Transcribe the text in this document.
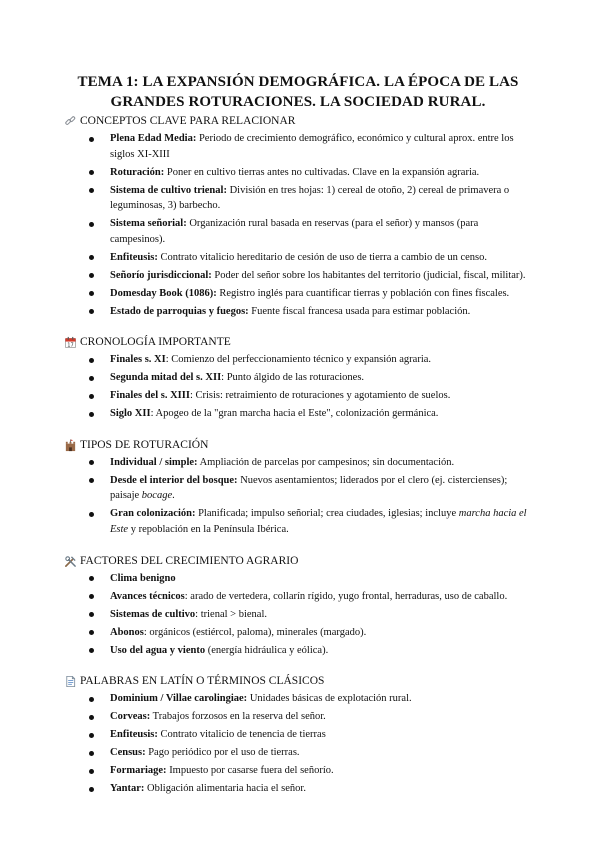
TEMA 1: LA EXPANSIÓN DEMOGRÁFICA. LA ÉPOCA DE LAS
GRANDES ROTURACIONES. LA SOCIEDAD RURAL.
CONCEPTOS CLAVE PARA RELACIONAR
Plena Edad Media: Periodo de crecimiento demográfico, económico y cultural aprox. entre los siglos XI-XIII
Roturación: Poner en cultivo tierras antes no cultivadas. Clave en la expansión agraria.
Sistema de cultivo trienal: División en tres hojas: 1) cereal de otoño, 2) cereal de primavera o leguminosas, 3) barbecho.
Sistema señorial: Organización rural basada en reservas (para el señor) y mansos (para campesinos).
Enfiteusis: Contrato vitalicio hereditario de cesión de uso de tierra a cambio de un censo.
Señorío jurisdiccional: Poder del señor sobre los habitantes del territorio (judicial, fiscal, militar).
Domesday Book (1086): Registro inglés para cuantificar tierras y población con fines fiscales.
Estado de parroquias y fuegos: Fuente fiscal francesa usada para estimar población.
17 CRONOLOGÍA IMPORTANTE
Finales s. XI: Comienzo del perfeccionamiento técnico y expansión agraria.
Segunda mitad del s. XII: Punto álgido de las roturaciones.
Finales del s. XIII: Crisis: retraimiento de roturaciones y agotamiento de suelos.
Siglo XII: Apogeo de la "gran marcha hacia el Este", colonización germánica.
TIPOS DE ROTURACIÓN
Individual / simple: Ampliación de parcelas por campesinos; sin documentación.
Desde el interior del bosque: Nuevos asentamientos; liderados por el clero (ej. cistercienses); paisaje bocage.
Gran colonización: Planificada; impulso señorial; crea ciudades, iglesias; incluye marcha hacia el Este y repoblación en la Península Ibérica.
FACTORES DEL CRECIMIENTO AGRARIO
Clima benigno
Avances técnicos: arado de vertedera, collarín rígido, yugo frontal, herraduras, uso de caballo.
Sistemas de cultivo: trienal > bienal.
Abonos: orgánicos (estiércol, paloma), minerales (margado).
Uso del agua y viento (energía hidráulica y eólica).
PALABRAS EN LATÍN O TÉRMINOS CLÁSICOS
Dominium / Villae carolingiae: Unidades básicas de explotación rural.
Corveas: Trabajos forzosos en la reserva del señor.
Enfiteusis: Contrato vitalicio de tenencia de tierras
Census: Pago periódico por el uso de tierras.
Formariage: Impuesto por casarse fuera del señorío.
Yantar: Obligación alimentaria hacia el señor.
